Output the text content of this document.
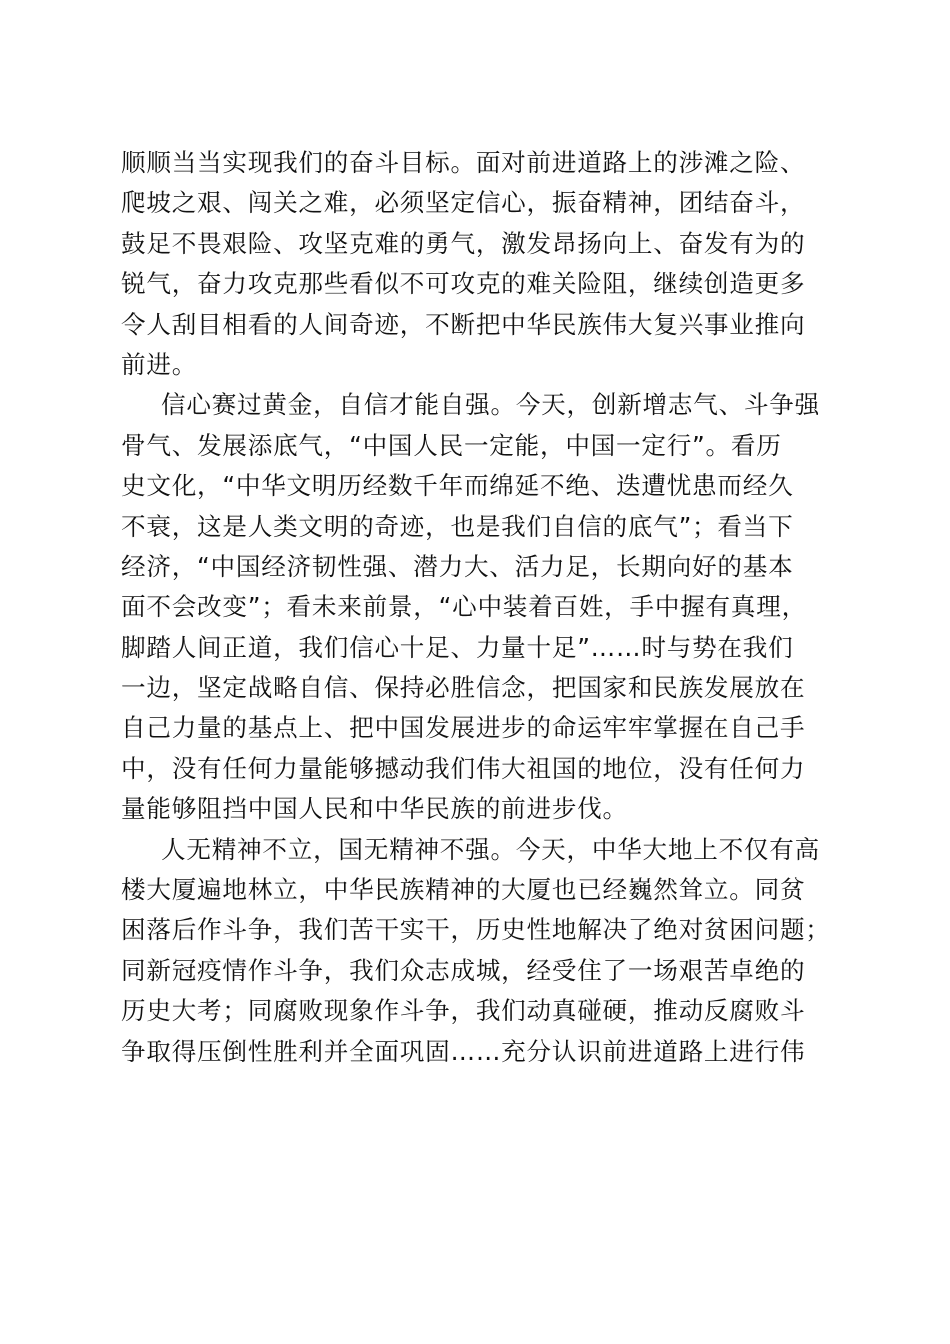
顺顺当当实现我们的奋斗目标。面对前进道路上的涉滩之险、
爬坡之艰、闯关之难，必须坚定信心，振奋精神，团结奋斗，
鼓足不畏艰险、攻坚克难的勇气，激发昂扬向上、奋发有为的
锐气，奋力攻克那些看似不可攻克的难关险阻，继续创造更多
令人刮目相看的人间奇迹，不断把中华民族伟大复兴事业推向
前进。
信心赛过黄金，自信才能自强。今天，创新增志气、斗争强
骨气、发展添底气，“中国人民一定能，中国一定行”。看历
史文化，“中华文明历经数千年而绵延不绝、迭遭忧患而经久
不衰，这是人类文明的奇迹，也是我们自信的底气”；看当下
经济，“中国经济韧性强、潜力大、活力足，长期向好的基本
面不会改变”；看未来前景，“心中装着百姓，手中握有真理，
脚踏人间正道，我们信心十足、力量十足”……时与势在我们
一边，坚定战略自信、保持必胜信念，把国家和民族发展放在
自己力量的基点上、把中国发展进步的命运牢牢掌握在自己手
中，没有任何力量能够撼动我们伟大祖国的地位，没有任何力
量能够阻挡中国人民和中华民族的前进步伐。
人无精神不立，国无精神不强。今天，中华大地上不仅有高
楼大厦遍地林立，中华民族精神的大厦也已经巍然耸立。同贫
困落后作斗争，我们苦干实干，历史性地解决了绝对贫困问题；
同新冠疫情作斗争，我们众志成城，经受住了一场艰苦卓绝的
历史大考；同腐败现象作斗争，我们动真碰硬，推动反腐败斗
争取得压倒性胜利并全面巩固……充分认识前进道路上进行伟
